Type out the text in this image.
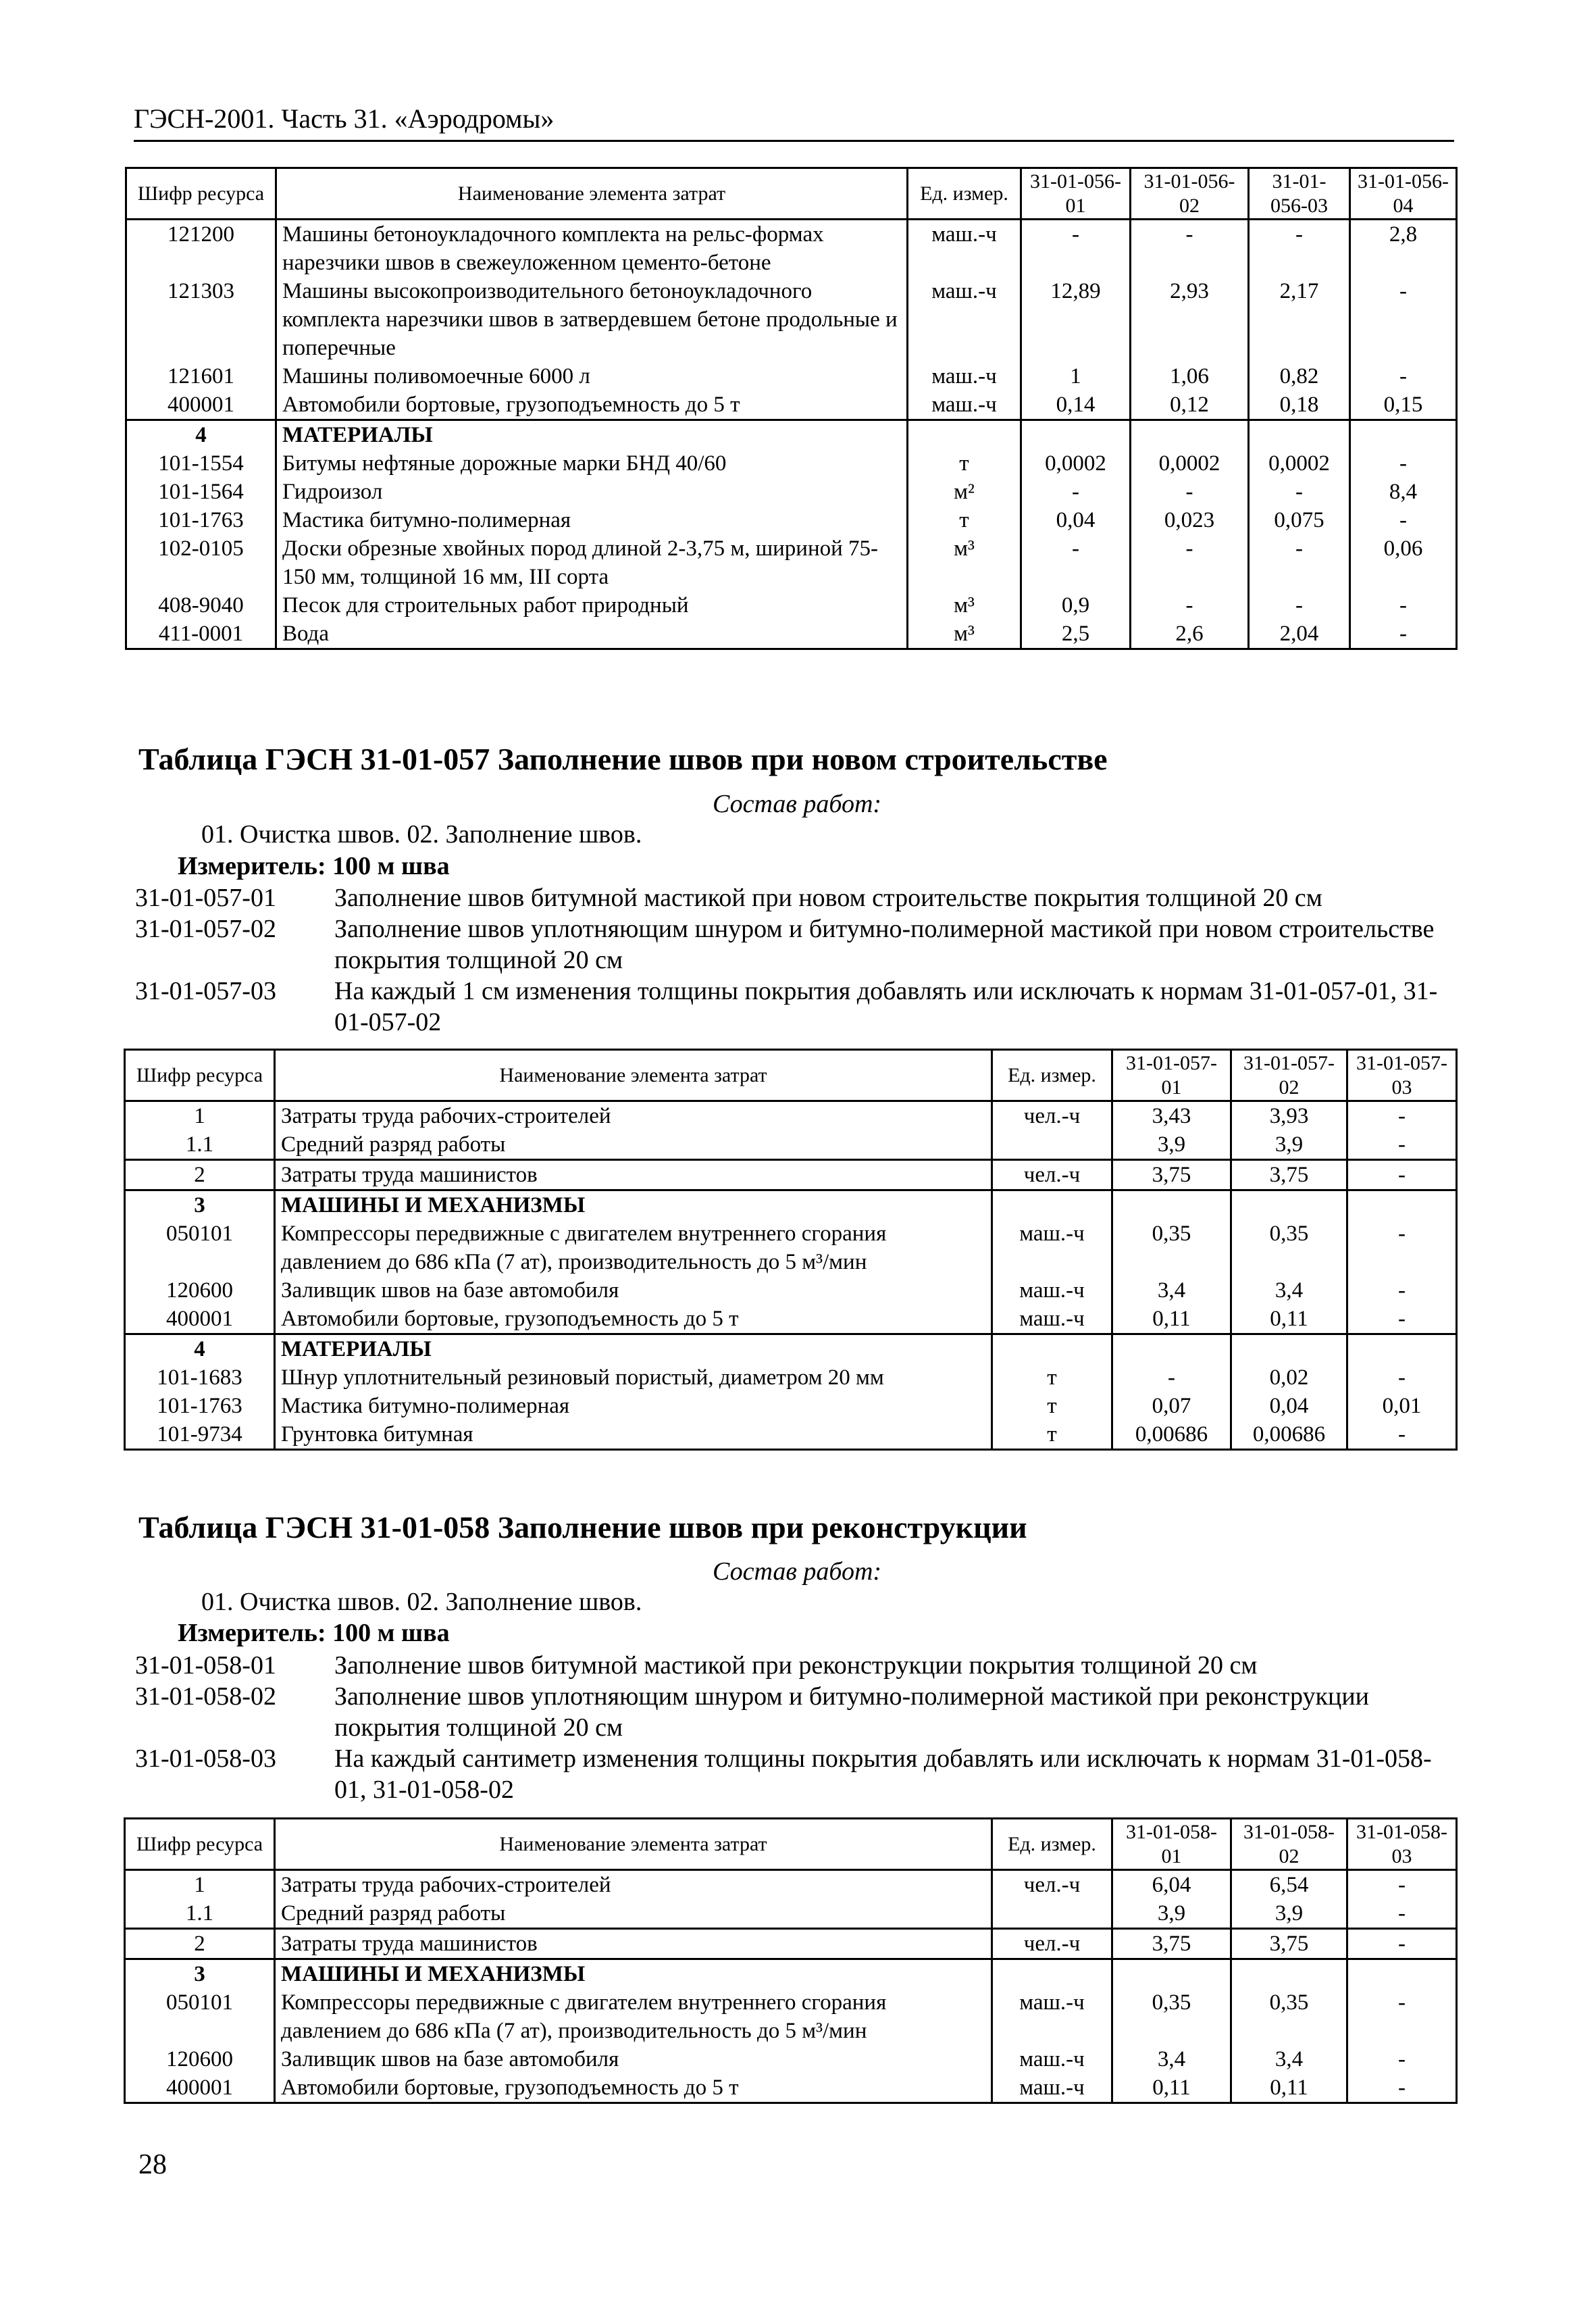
ГЭСН-2001. Часть 31. «Аэродромы»
Шифр ресурса	Наименование элемента затрат	Ед. измер.	31-01-056-01	31-01-056-02	31-01-056-03	31-01-056-04
121200	Машины бетоноукладочного комплекта на рельс-формах нарезчики швов в свежеуложенном цементо-бетоне	маш.-ч	-	-	-	2,8
121303	Машины высокопроизводительного бетоноукладочного комплекта нарезчики швов в затвердевшем бетоне продольные и поперечные	маш.-ч	12,89	2,93	2,17	-
121601	Машины поливомоечные 6000 л	маш.-ч	1	1,06	0,82	-
400001	Автомобили бортовые, грузоподъемность до 5 т	маш.-ч	0,14	0,12	0,18	0,15
4	МАТЕРИАЛЫ					
101-1554	Битумы нефтяные дорожные марки БНД 40/60	т	0,0002	0,0002	0,0002	-
101-1564	Гидроизол	м²	-	-	-	8,4
101-1763	Мастика битумно-полимерная	т	0,04	0,023	0,075	-
102-0105	Доски обрезные хвойных пород длиной 2-3,75 м, шириной 75-150 мм, толщиной 16 мм, III сорта	м³	-	-	-	0,06
408-9040	Песок для строительных работ природный	м³	0,9	-	-	-
411-0001	Вода	м³	2,5	2,6	2,04	-
Таблица ГЭСН 31-01-057 Заполнение швов при новом строительстве
Состав работ:
01. Очистка швов. 02. Заполнение швов.
Измеритель: 100 м шва
31-01-057-01 Заполнение швов битумной мастикой при новом строительстве покрытия толщиной 20 см
31-01-057-02 Заполнение швов уплотняющим шнуром и битумно-полимерной мастикой при новом строительстве покрытия толщиной 20 см
31-01-057-03 На каждый 1 см изменения толщины покрытия добавлять или исключать к нормам 31-01-057-01, 31-01-057-02
Шифр ресурса	Наименование элемента затрат	Ед. измер.	31-01-057-01	31-01-057-02	31-01-057-03
1	Затраты труда рабочих-строителей	чел.-ч	3,43	3,93	-
1.1	Средний разряд работы		3,9	3,9	-
2	Затраты труда машинистов	чел.-ч	3,75	3,75	-
3	МАШИНЫ И МЕХАНИЗМЫ				
050101	Компрессоры передвижные с двигателем внутреннего сгорания давлением до 686 кПа (7 ат), производительность до 5 м³/мин	маш.-ч	0,35	0,35	-
120600	Заливщик швов на базе автомобиля	маш.-ч	3,4	3,4	-
400001	Автомобили бортовые, грузоподъемность до 5 т	маш.-ч	0,11	0,11	-
4	МАТЕРИАЛЫ				
101-1683	Шнур уплотнительный резиновый пористый, диаметром 20 мм	т	-	0,02	-
101-1763	Мастика битумно-полимерная	т	0,07	0,04	0,01
101-9734	Грунтовка битумная	т	0,00686	0,00686	-
Таблица ГЭСН 31-01-058 Заполнение швов при реконструкции
Состав работ:
01. Очистка швов. 02. Заполнение швов.
Измеритель: 100 м шва
31-01-058-01 Заполнение швов битумной мастикой при реконструкции покрытия толщиной 20 см
31-01-058-02 Заполнение швов уплотняющим шнуром и битумно-полимерной мастикой при реконструкции покрытия толщиной 20 см
31-01-058-03 На каждый сантиметр изменения толщины покрытия добавлять или исключать к нормам 31-01-058-01, 31-01-058-02
Шифр ресурса	Наименование элемента затрат	Ед. измер.	31-01-058-01	31-01-058-02	31-01-058-03
1	Затраты труда рабочих-строителей	чел.-ч	6,04	6,54	-
1.1	Средний разряд работы		3,9	3,9	-
2	Затраты труда машинистов	чел.-ч	3,75	3,75	-
3	МАШИНЫ И МЕХАНИЗМЫ				
050101	Компрессоры передвижные с двигателем внутреннего сгорания давлением до 686 кПа (7 ат), производительность до 5 м³/мин	маш.-ч	0,35	0,35	-
120600	Заливщик швов на базе автомобиля	маш.-ч	3,4	3,4	-
400001	Автомобили бортовые, грузоподъемность до 5 т	маш.-ч	0,11	0,11	-
28
